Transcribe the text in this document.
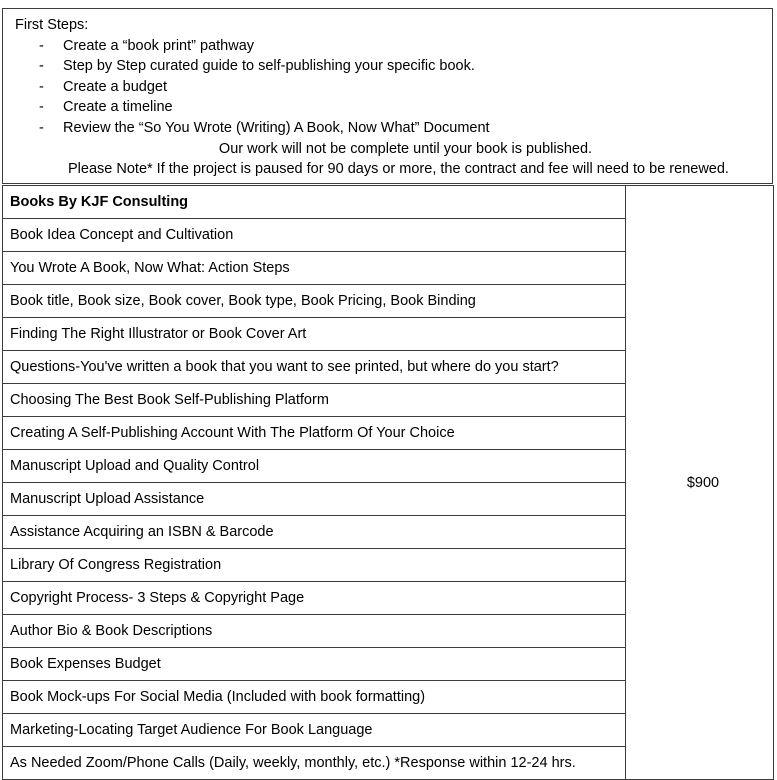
First Steps:
-	Create a “book print” pathway
-	Step by Step curated guide to self-publishing your specific book.
-	Create a budget
-	Create a timeline
-	Review the “So You Wrote (Writing) A Book, Now What” Document
Our work will not be complete until your book is published.
Please Note* If the project is paused for 90 days or more, the contract and fee will need to be renewed.
Books By KJF Consulting	$900
Book Idea Concept and Cultivation
You Wrote A Book, Now What: Action Steps
Book title, Book size, Book cover, Book type, Book Pricing, Book Binding
Finding The Right Illustrator or Book Cover Art
Questions-You've written a book that you want to see printed, but where do you start?
Choosing The Best Book Self-Publishing Platform
Creating A Self-Publishing Account With The Platform Of Your Choice
Manuscript Upload and Quality Control
Manuscript Upload Assistance
Assistance Acquiring an ISBN & Barcode
Library Of Congress Registration
Copyright Process- 3 Steps & Copyright Page
Author Bio & Book Descriptions
Book Expenses Budget
Book Mock-ups For Social Media (Included with book formatting)
Marketing-Locating Target Audience For Book Language
As Needed Zoom/Phone Calls (Daily, weekly, monthly, etc.) *Response within 12-24 hrs.
